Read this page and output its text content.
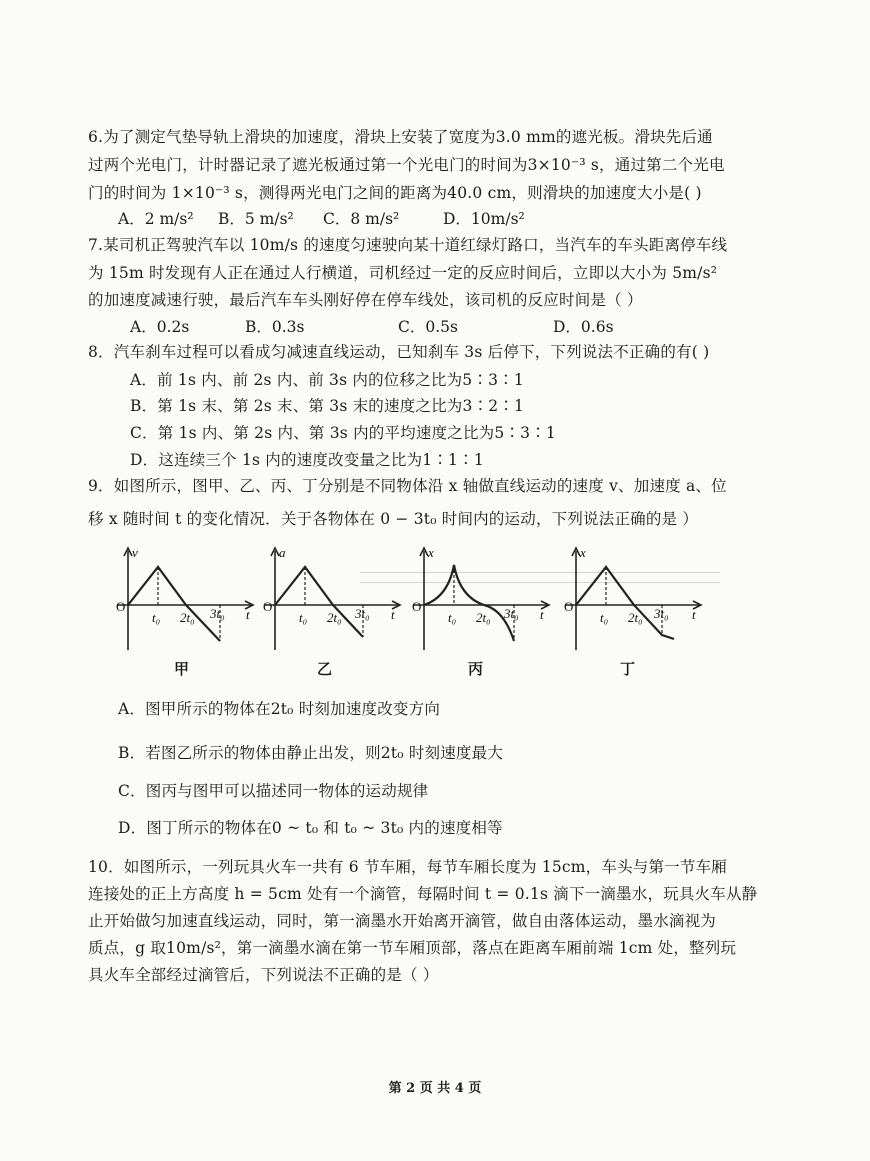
6.为了测定气垫导轨上滑块的加速度，滑块上安装了宽度为3.0 mm的遮光板。滑块先后通
过两个光电门，计时器记录了遮光板通过第一个光电门的时间为3×10⁻³ s，通过第二个光电
门的时间为 1×10⁻³ s，测得两光电门之间的距离为40.0 cm，则滑块的加速度大小是( )
A．2 m/s² B．5 m/s² C．8 m/s²	D．10m/s²
7.某司机正驾驶汽车以 10m/s 的速度匀速驶向某十道红绿灯路口，当汽车的车头距离停车线
为 15m 时发现有人正在通过人行横道，司机经过一定的反应时间后，立即以大小为 5m/s²
的加速度减速行驶，最后汽车车头刚好停在停车线处，该司机的反应时间是（ ）
A．0.2s	B．0.3s	C．0.5s	D．0.6s
8．汽车刹车过程可以看成匀减速直线运动，已知刹车 3s 后停下，下列说法不正确的有( )
A．前 1s 内、前 2s 内、前 3s 内的位移之比为5∶3∶1
B．第 1s 末、第 2s 末、第 3s 末的速度之比为3∶2∶1
C．第 1s 内、第 2s 内、第 3s 内的平均速度之比为5∶3∶1
D．这连续三个 1s 内的速度改变量之比为1∶1∶1
9．如图所示，图甲、乙、丙、丁分别是不同物体沿 x 轴做直线运动的速度 v、加速度 a、位
移 x 随时间 t 的变化情况．关于各物体在 0 − 3t₀ 时间内的运动，下列说法正确的是 ）
v
O
t
t₀ 2t₀ 3t₀
甲
a
O
t
t₀ 2t₀ 3t₀
乙
x
O
t
t₀ 2t₀ 3t₀
丙
x
O
t
t₀ 2t₀ 3t₀
丁
A．图甲所示的物体在2t₀ 时刻加速度改变方向
B．若图乙所示的物体由静止出发，则2t₀ 时刻速度最大
C．图丙与图甲可以描述同一物体的运动规律
D．图丁所示的物体在0 ~ t₀ 和 t₀ ~ 3t₀ 内的速度相等
10．如图所示，一列玩具火车一共有 6 节车厢，每节车厢长度为 15cm，车头与第一节车厢
连接处的正上方高度 h = 5cm 处有一个滴管，每隔时间 t = 0.1s 滴下一滴墨水，玩具火车从静
止开始做匀加速直线运动，同时，第一滴墨水开始离开滴管，做自由落体运动，墨水滴视为
质点，g 取10m/s²，第一滴墨水滴在第一节车厢顶部，落点在距离车厢前端 1cm 处，整列玩
具火车全部经过滴管后，下列说法不正确的是（ ）
第 2 页 共 4 页
